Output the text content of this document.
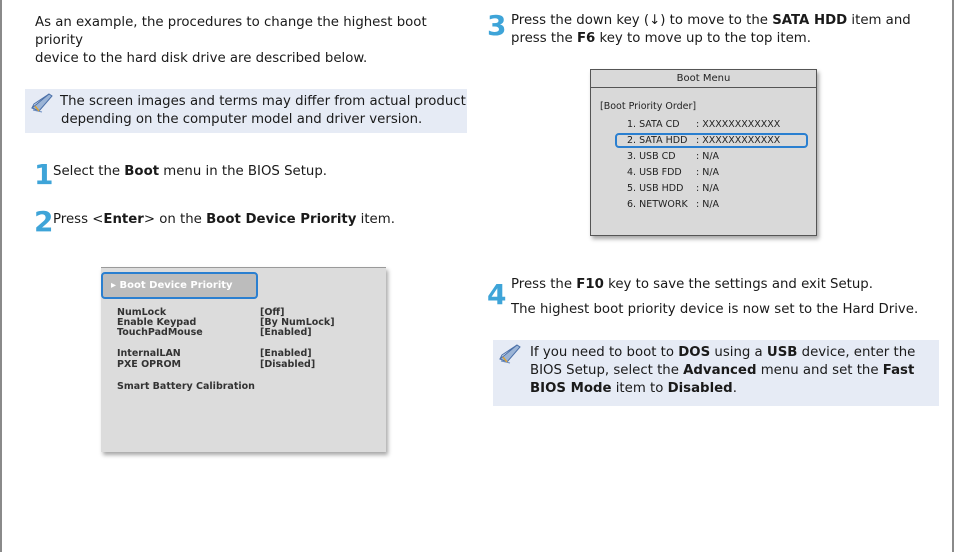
As an example, the procedures to change the highest boot priority
device to the hard disk drive are described below.
The screen images and terms may differ from actual product
depending on the computer model and driver version.
1 Select the Boot menu in the BIOS Setup.
2 Press <Enter> on the Boot Device Priority item.
▸ Boot Device Priority
NumLock	[Off]
Enable Keypad	[By NumLock]
TouchPadMouse	[Enabled]
InternalLAN	[Enabled]
PXE OPROM	[Disabled]
Smart Battery Calibration
3 Press the down key (↓) to move to the SATA HDD item and
press the F6 key to move up to the top item.
Boot Menu
[Boot Priority Order]
1. SATA CD : XXXXXXXXXXXX
2. SATA HDD : XXXXXXXXXXXX
3. USB CD : N/A
4. USB FDD : N/A
5. USB HDD : N/A
6. NETWORK : N/A
4 Press the F10 key to save the settings and exit Setup.
The highest boot priority device is now set to the Hard Drive.
If you need to boot to DOS using a USB device, enter the
BIOS Setup, select the Advanced menu and set the Fast
BIOS Mode item to Disabled.
